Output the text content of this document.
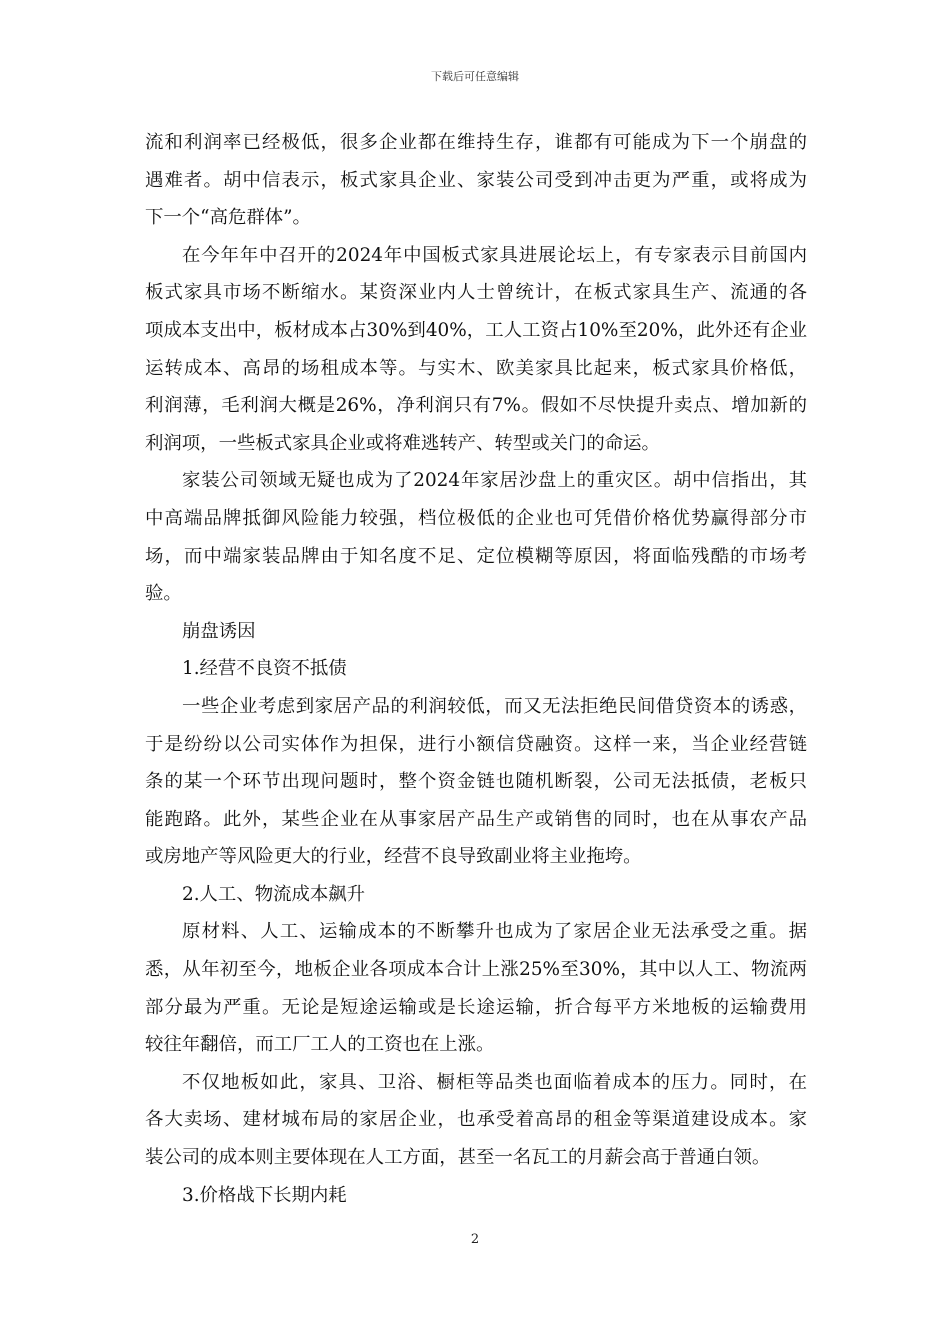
下载后可任意编辑
流和利润率已经极低，很多企业都在维持生存，谁都有可能成为下一个崩盘的
遇难者。胡中信表示，板式家具企业、家装公司受到冲击更为严重，或将成为
下一个“高危群体”。
在今年年中召开的2024年中国板式家具进展论坛上，有专家表示目前国内
板式家具市场不断缩水。某资深业内人士曾统计，在板式家具生产、流通的各
项成本支出中，板材成本占30%到40%，工人工资占10%至20%，此外还有企业
运转成本、高昂的场租成本等。与实木、欧美家具比起来，板式家具价格低，
利润薄，毛利润大概是26%，净利润只有7%。假如不尽快提升卖点、增加新的
利润项，一些板式家具企业或将难逃转产、转型或关门的命运。
家装公司领域无疑也成为了2024年家居沙盘上的重灾区。胡中信指出，其
中高端品牌抵御风险能力较强，档位极低的企业也可凭借价格优势赢得部分市
场，而中端家装品牌由于知名度不足、定位模糊等原因，将面临残酷的市场考
验。
崩盘诱因
1.经营不良资不抵债
一些企业考虑到家居产品的利润较低，而又无法拒绝民间借贷资本的诱惑，
于是纷纷以公司实体作为担保，进行小额信贷融资。这样一来，当企业经营链
条的某一个环节出现问题时，整个资金链也随机断裂，公司无法抵债，老板只
能跑路。此外，某些企业在从事家居产品生产或销售的同时，也在从事农产品
或房地产等风险更大的行业，经营不良导致副业将主业拖垮。
2.人工、物流成本飙升
原材料、人工、运输成本的不断攀升也成为了家居企业无法承受之重。据
悉，从年初至今，地板企业各项成本合计上涨25%至30%，其中以人工、物流两
部分最为严重。无论是短途运输或是长途运输，折合每平方米地板的运输费用
较往年翻倍，而工厂工人的工资也在上涨。
不仅地板如此，家具、卫浴、橱柜等品类也面临着成本的压力。同时，在
各大卖场、建材城布局的家居企业，也承受着高昂的租金等渠道建设成本。家
装公司的成本则主要体现在人工方面，甚至一名瓦工的月薪会高于普通白领。
3.价格战下长期内耗
2
